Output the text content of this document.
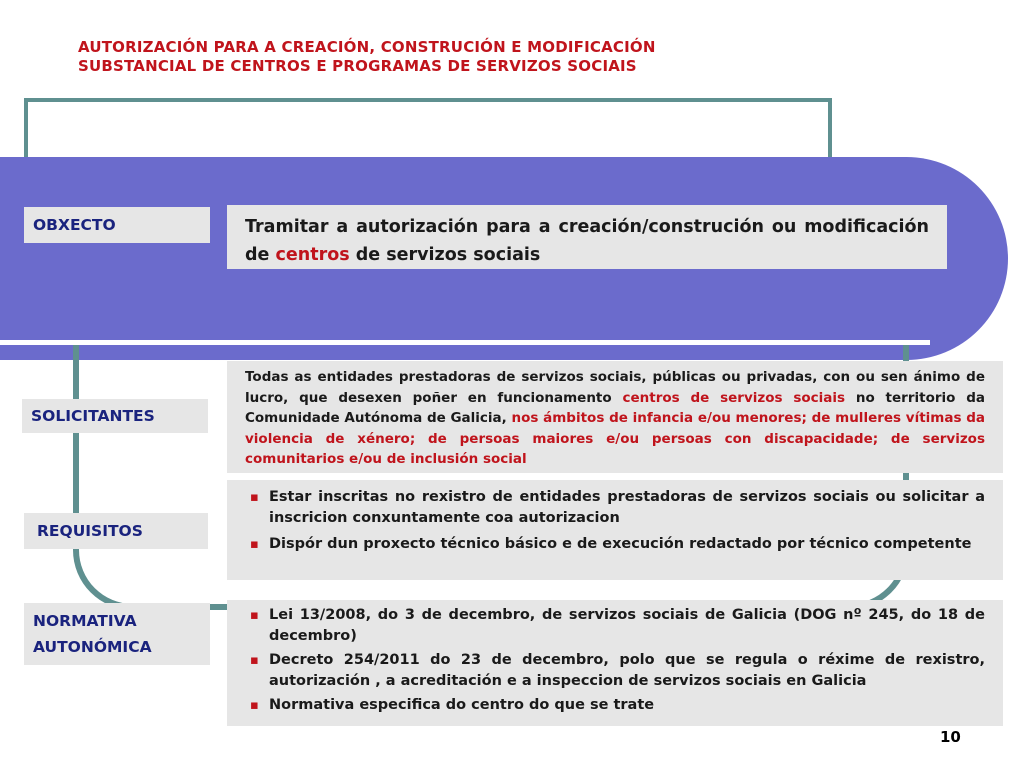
AUTORIZACIÓN PARA A CREACIÓN, CONSTRUCIÓN E MODIFICACIÓN SUBSTANCIAL DE CENTROS E PROGRAMAS DE SERVIZOS SOCIAIS
OBXECTO	Tramitar a autorización para a creación/construción ou modificación de centros de servizos sociais
SOLICITANTES
Todas as entidades prestadoras de servizos sociais, públicas ou privadas, con ou sen ánimo de lucro, que desexen poñer en funcionamento centros de servizos sociais no territorio da Comunidade Autónoma de Galicia, nos ámbitos de infancia e/ou menores; de mulleres vítimas da violencia de xénero; de persoas maiores e/ou persoas con discapacidade; de servizos comunitarios e/ou de inclusión social
REQUISITOS
▪ Estar inscritas no rexistro de entidades prestadoras de servizos sociais ou solicitar a inscricion conxuntamente coa autorizacion
▪ Dispór dun proxecto técnico básico e de execución redactado por técnico competente
NORMATIVA
AUTONÓMICA
▪ Lei 13/2008, do 3 de decembro, de servizos sociais de Galicia (DOG nº 245, do 18 de decembro)
▪ Decreto 254/2011 do 23 de decembro, polo que se regula o réxime de rexistro, autorización , a acreditación e a inspeccion de servizos sociais en Galicia
▪ Normativa especifica do centro do que se trate
10
